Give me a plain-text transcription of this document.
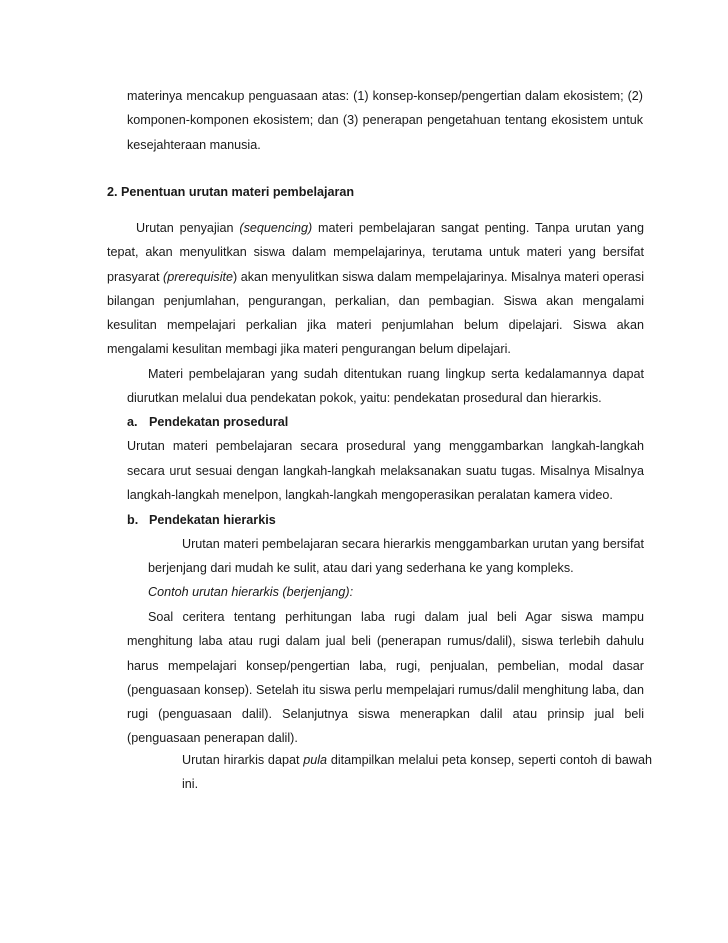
materinya mencakup penguasaan atas: (1) konsep-konsep/pengertian dalam ekosistem; (2) komponen-komponen ekosistem; dan (3) penerapan pengetahuan tentang ekosistem untuk kesejahteraan manusia.

2. Penentuan urutan materi pembelajaran

Urutan penyajian (sequencing) materi pembelajaran sangat penting. Tanpa urutan yang tepat, akan menyulitkan siswa dalam mempelajarinya, terutama untuk materi yang bersifat prasyarat (prerequisite) akan menyulitkan siswa dalam mempelajarinya. Misalnya materi operasi bilangan penjumlahan, pengurangan, perkalian, dan pembagian. Siswa akan mengalami kesulitan mempelajari perkalian jika materi penjumlahan belum dipelajari. Siswa akan mengalami kesulitan membagi jika materi pengurangan belum dipelajari.

Materi pembelajaran yang sudah ditentukan ruang lingkup serta kedalamannya dapat diurutkan melalui dua pendekatan pokok, yaitu: pendekatan prosedural dan hierarkis.

a. Pendekatan prosedural

Urutan materi pembelajaran secara prosedural yang menggambarkan langkah-langkah secara urut sesuai dengan langkah-langkah melaksanakan suatu tugas. Misalnya Misalnya langkah-langkah menelpon, langkah-langkah mengoperasikan peralatan kamera video.

b. Pendekatan hierarkis

Urutan materi pembelajaran secara hierarkis menggambarkan urutan yang bersifat berjenjang dari mudah ke sulit, atau dari yang sederhana ke yang kompleks.

Contoh urutan hierarkis (berjenjang):

Soal ceritera tentang perhitungan laba rugi dalam jual beli Agar siswa mampu menghitung laba atau rugi dalam jual beli (penerapan rumus/dalil), siswa terlebih dahulu harus mempelajari konsep/pengertian laba, rugi, penjualan, pembelian, modal dasar (penguasaan konsep). Setelah itu siswa perlu mempelajari rumus/dalil menghitung laba, dan rugi (penguasaan dalil). Selanjutnya siswa menerapkan dalil atau prinsip jual beli (penguasaan penerapan dalil).

Urutan hirarkis dapat pula ditampilkan melalui peta konsep, seperti contoh di bawah ini.
